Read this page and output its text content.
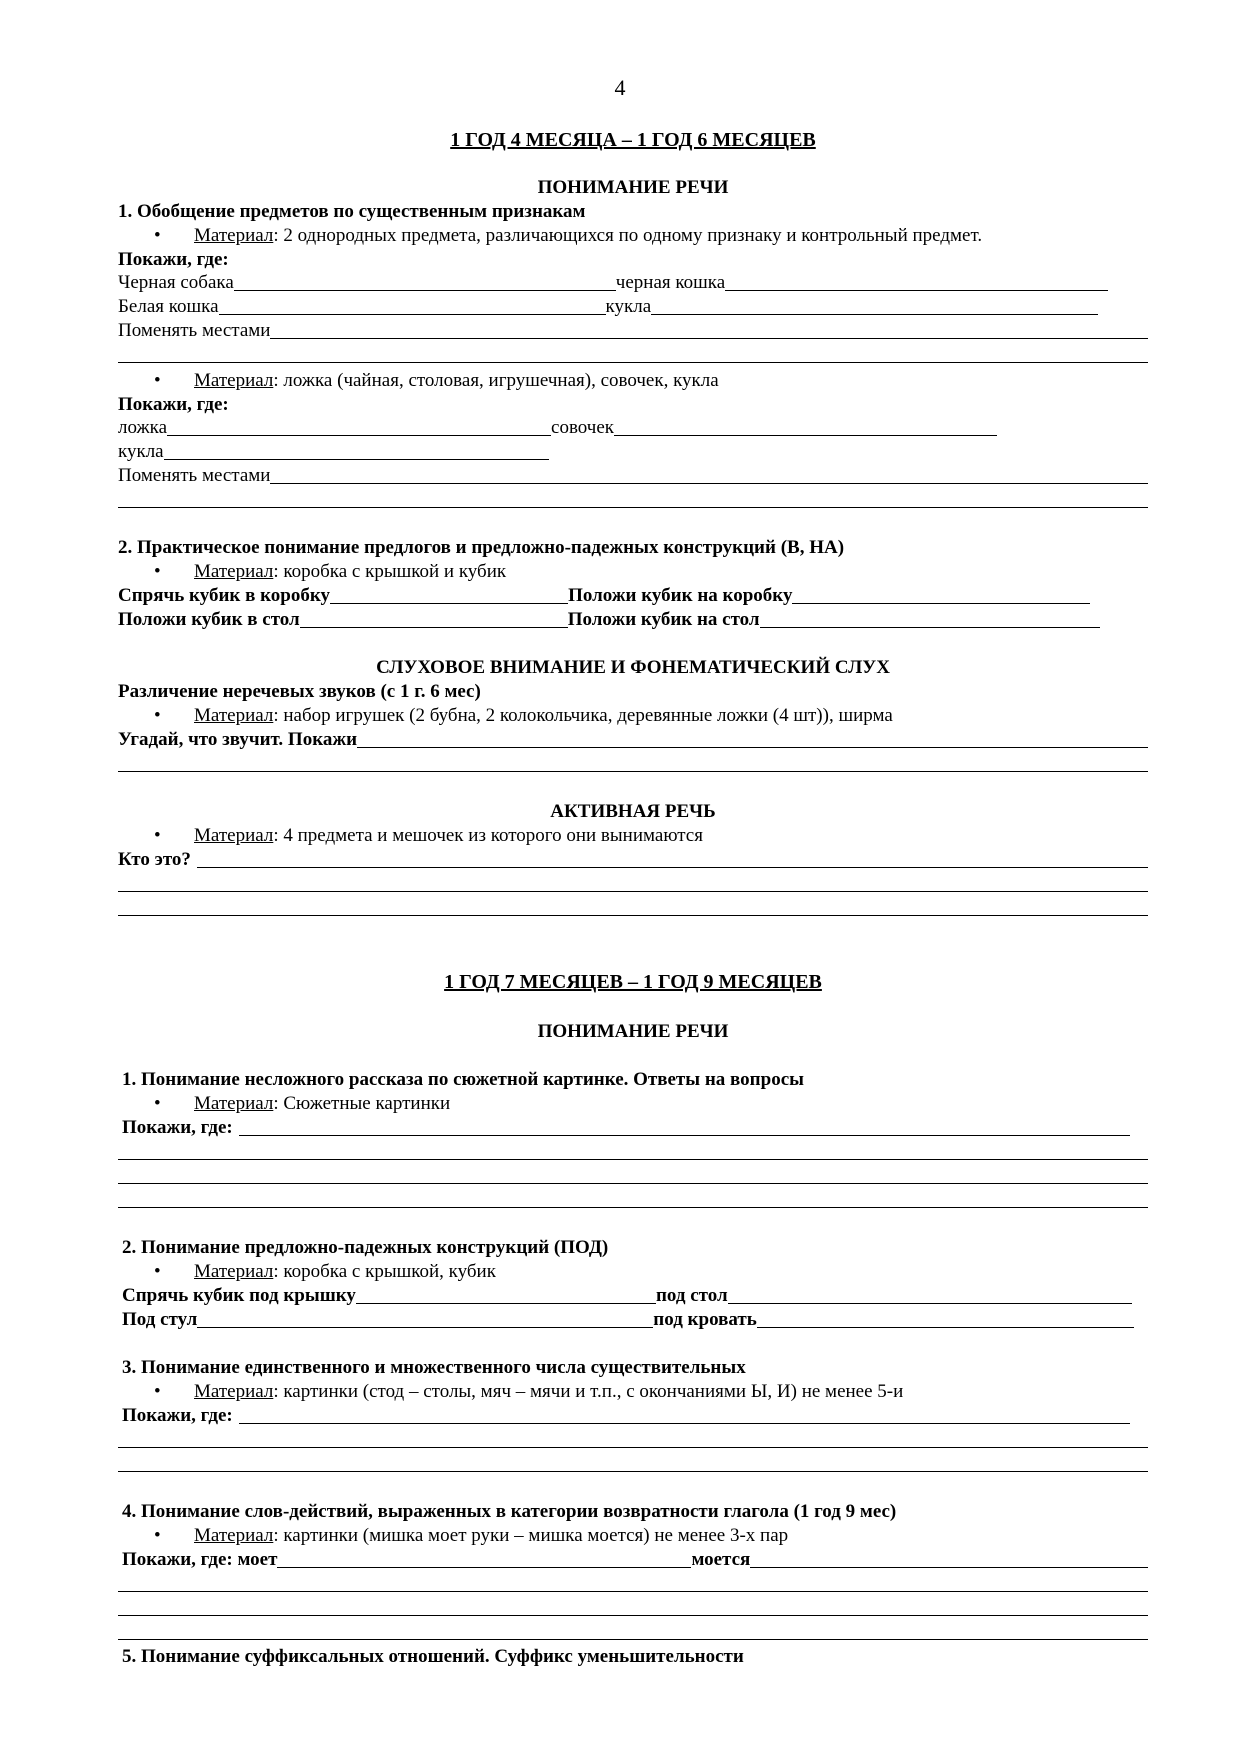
4
1 ГОД 4 МЕСЯЦА – 1 ГОД 6 МЕСЯЦЕВ
ПОНИМАНИЕ РЕЧИ
1. Обобщение предметов по существенным признакам
• Материал: 2 однородных предмета, различающихся по одному признаку и контрольный предмет.
Покажи, где:
Черная собака	черная кошка
Белая кошка	кукла
Поменять местами
• Материал: ложка (чайная, столовая, игрушечная), совочек, кукла
Покажи, где:
ложка	совочек
кукла
Поменять местами
2. Практическое понимание предлогов и предложно-падежных конструкций (В, НА)
• Материал: коробка с крышкой и кубик
Спрячь кубик в коробку	Положи кубик на коробку
Положи кубик в стол	Положи кубик на стол
СЛУХОВОЕ ВНИМАНИЕ И ФОНЕМАТИЧЕСКИЙ СЛУХ
Различение неречевых звуков (с 1 г. 6 мес)
• Материал: набор игрушек (2 бубна, 2 колокольчика, деревянные ложки (4 шт)), ширма
Угадай, что звучит. Покажи
АКТИВНАЯ РЕЧЬ
• Материал: 4 предмета и мешочек из которого они вынимаются
Кто это?
1 ГОД 7 МЕСЯЦЕВ – 1 ГОД 9 МЕСЯЦЕВ
ПОНИМАНИЕ РЕЧИ
1. Понимание несложного рассказа по сюжетной картинке. Ответы на вопросы
• Материал: Сюжетные картинки
Покажи, где:
2. Понимание предложно-падежных конструкций (ПОД)
• Материал: коробка с крышкой, кубик
Спрячь кубик под крышку	под стол
Под стул	под кровать
3. Понимание единственного и множественного числа существительных
• Материал: картинки (стод – столы, мяч – мячи и т.п., с окончаниями Ы, И) не менее 5-и
Покажи, где:
4. Понимание слов-действий, выраженных в категории возвратности глагола (1 год 9 мес)
• Материал: картинки (мишка моет руки – мишка моется) не менее 3-х пар
Покажи, где: моет	моется
5. Понимание суффиксальных отношений. Суффикс уменьшительности
